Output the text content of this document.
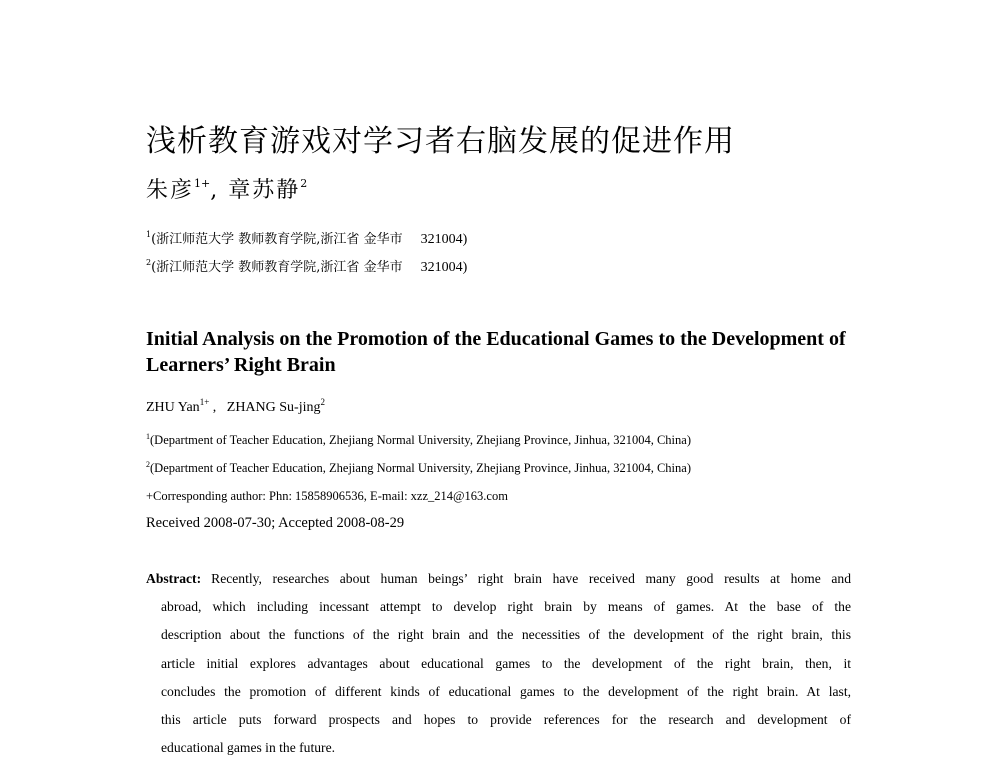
浅析教育游戏对学习者右脑发展的促进作用
朱彦$^{1+}$, 章苏静$^2$
$^1$(浙江师范大学 教师教育学院,浙江省 金华市 321004)
$^2$(浙江师范大学 教师教育学院,浙江省 金华市 321004)
Initial Analysis on the Promotion of the Educational Games to the Development of Learners’ Right Brain
ZHU Yan$^{1+}$ ,   ZHANG Su-jing$^2$
$^1$(Department of Teacher Education, Zhejiang Normal University, Zhejiang Province, Jinhua, 321004, China)
$^2$(Department of Teacher Education, Zhejiang Normal University, Zhejiang Province, Jinhua, 321004, China)
+Corresponding author: Phn: 15858906536, E-mail: xzz_214@163.com
Received 2008-07-30; Accepted 2008-08-29
Abstract: Recently, researches about human beings’ right brain have received many good results at home and
abroad, which including incessant attempt to develop right brain by means of games. At the base of the
description about the functions of the right brain and the necessities of the development of the right brain, this
article initial explores advantages about educational games to the development of the right brain, then, it
concludes the promotion of different kinds of educational games to the development of the right brain. At last,
this article puts forward prospects and hopes to provide references for the research and development of
educational games in the future.
